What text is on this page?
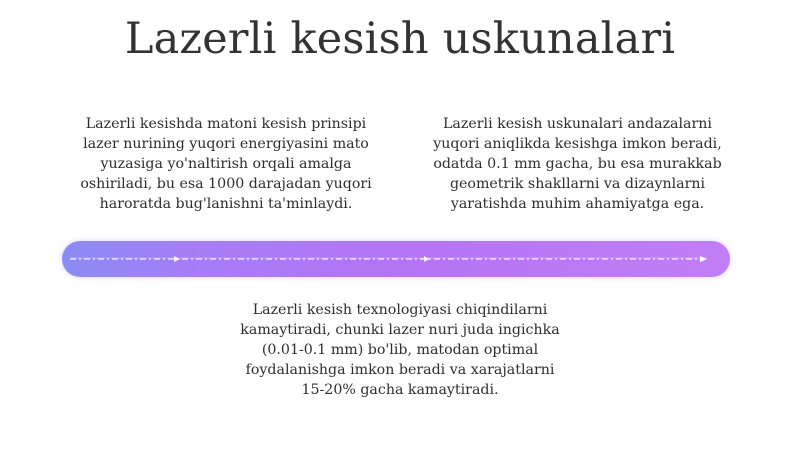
Lazerli kesish uskunalari
Lazerli kesishda matoni kesish prinsipi lazer nurining yuqori energiyasini mato yuzasiga yo'naltirish orqali amalga oshiriladi, bu esa 1000 darajadan yuqori haroratda bug'lanishni ta'minlaydi.
Lazerli kesish uskunalari andazalarni yuqori aniqlikda kesishga imkon beradi, odatda 0.1 mm gacha, bu esa murakkab geometrik shakllarni va dizaynlarni yaratishda muhim ahamiyatga ega.
Lazerli kesish texnologiyasi chiqindilarni kamaytiradi, chunki lazer nuri juda ingichka (0.01-0.1 mm) bo'lib, matodan optimal foydalanishga imkon beradi va xarajatlarni 15-20% gacha kamaytiradi.
